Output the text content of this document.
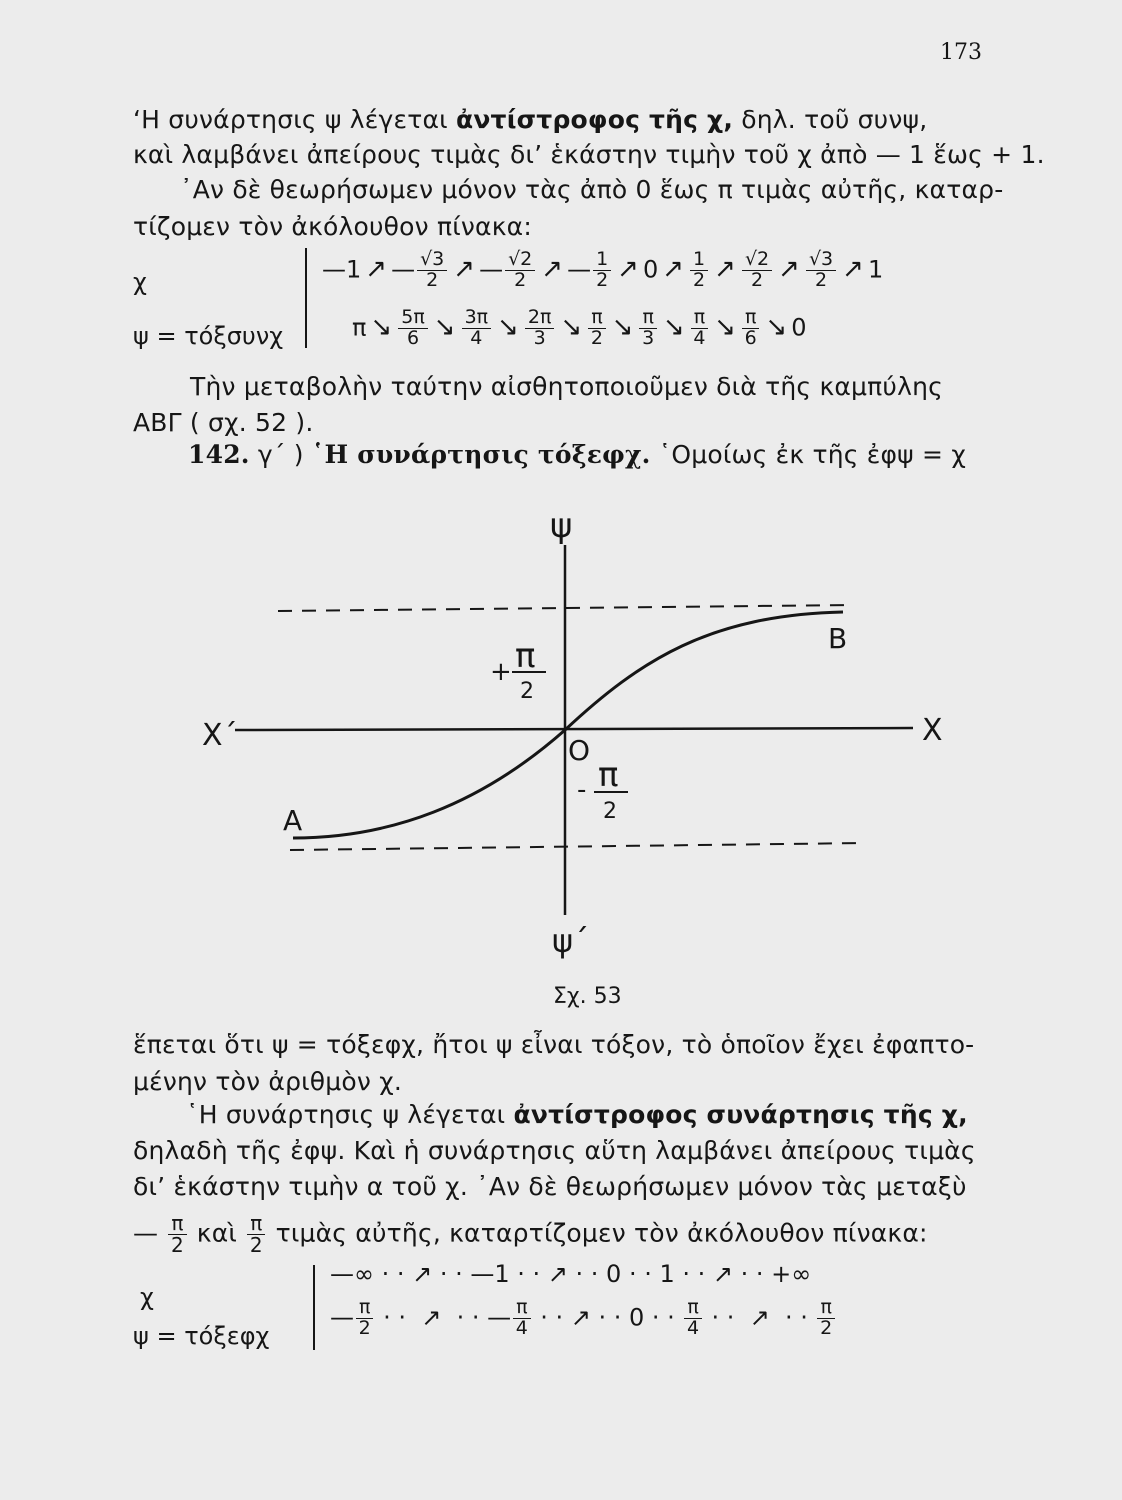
173
‘Η συνάρτησις ψ λέγεται ἀντίστροφος τῆς χ, δηλ. τοῦ συνψ,
καὶ λαμβάνει ἀπείρους τιμὰς δι’ ἑκάστην τιμὴν τοῦ χ ἀπὸ — 1 ἕως + 1.
᾿Αν δὲ θεωρήσωμεν μόνον τὰς ἀπὸ 0 ἕως π τιμὰς αὐτῆς, καταρ-
τίζομεν τὸν ἀκόλουθον πίνακα:
χ
ψ = τόξσυνχ
—1 ↗ — $\frac{√3}{2}$ ↗ — $\frac{√2}{2}$ ↗ — $\frac{1}{2}$ ↗ 0 ↗ $\frac{1}{2}$ ↗ $\frac{√2}{2}$ ↗ $\frac{√3}{2}$ ↗ 1
π ↘ $\frac{5\pi}{6}$ ↘ $\frac{3\pi}{4}$ ↘ $\frac{2\pi}{3}$ ↘ $\frac{\pi}{2}$ ↘ $\frac{\pi}{3}$ ↘ $\frac{\pi}{4}$ ↘ $\frac{\pi}{6}$ ↘ 0
Τὴν μεταβολὴν ταύτην αἰσθητοποιοῦμεν διὰ τῆς καμπύλης
ΑΒΓ ( σχ. 52 ).
142. γ΄ ) ῾Η συνάρτησις τόξεφχ. ῾Ομοίως ἐκ τῆς ἐφψ = χ
ψ
ψ΄
Χ
Χ΄	Ο
Α
Β
+ π
2
- π
2
Σχ. 53
ἕπεται ὅτι ψ = τόξεφχ, ἤτοι ψ εἶναι τόξον, τὸ ὁποῖον ἔχει ἐφαπτο-
μένην τὸν ἀριθμὸν χ.
῾Η συνάρτησις ψ λέγεται ἀντίστροφος συνάρτησις τῆς χ,
δηλαδὴ τῆς ἐφψ. Καὶ ἡ συνάρτησις αὕτη λαμβάνει ἀπείρους τιμὰς
δι’ ἑκάστην τιμὴν α τοῦ χ. ᾿Αν δὲ θεωρήσωμεν μόνον τὰς μεταξὺ
— $\frac{\pi}{2}$ καὶ $\frac{\pi}{2}$ τιμὰς αὐτῆς, καταρτίζομεν τὸν ἀκόλουθον πίνακα:
χ
ψ = τόξεφχ
—∞ · · ↗ · · —1 · · ↗ · · 0 · · 1 · · ↗ · · +∞
— $\frac{\pi}{2}$ · ·  ↗  · · — $\frac{\pi}{4}$ · · ↗ · · 0 · · $\frac{\pi}{4}$ · ·  ↗  · · $\frac{\pi}{2}$
